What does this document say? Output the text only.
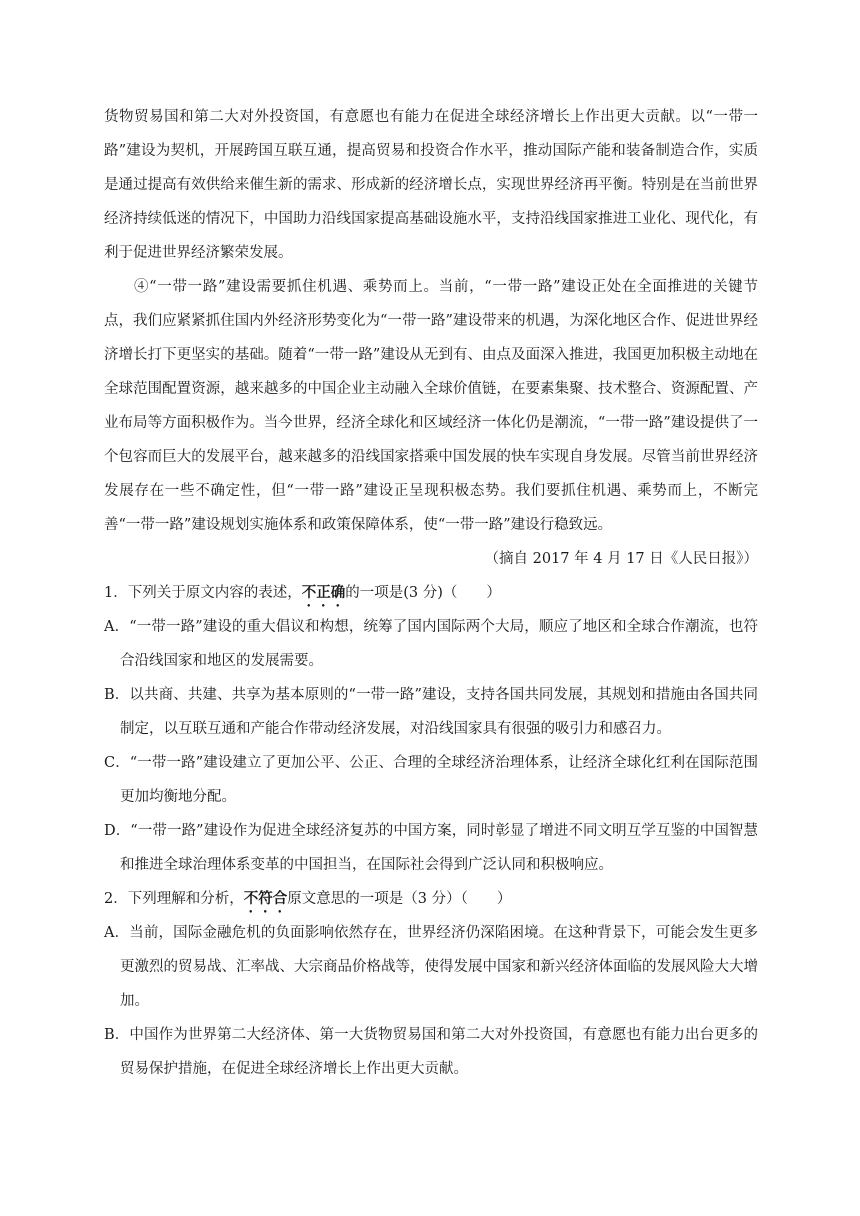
货物贸易国和第二大对外投资国，有意愿也有能力在促进全球经济增长上作出更大贡献。以“一带一路”建设为契机，开展跨国互联互通，提高贸易和投资合作水平，推动国际产能和装备制造合作，实质是通过提高有效供给来催生新的需求、形成新的经济增长点，实现世界经济再平衡。特别是在当前世界经济持续低迷的情况下，中国助力沿线国家提高基础设施水平，支持沿线国家推进工业化、现代化，有利于促进世界经济繁荣发展。

④“一带一路”建设需要抓住机遇、乘势而上。当前，“一带一路”建设正处在全面推进的关键节点，我们应紧紧抓住国内外经济形势变化为“一带一路”建设带来的机遇，为深化地区合作、促进世界经济增长打下更坚实的基础。随着“一带一路”建设从无到有、由点及面深入推进，我国更加积极主动地在全球范围配置资源，越来越多的中国企业主动融入全球价值链，在要素集聚、技术整合、资源配置、产业布局等方面积极作为。当今世界，经济全球化和区域经济一体化仍是潮流，“一带一路”建设提供了一个包容而巨大的发展平台，越来越多的沿线国家搭乘中国发展的快车实现自身发展。尽管当前世界经济发展存在一些不确定性，但“一带一路”建设正呈现积极态势。我们要抓住机遇、乘势而上，不断完善“一带一路”建设规划实施体系和政策保障体系，使“一带一路”建设行稳致远。

（摘自 2017 年 4 月 17 日《人民日报》）

1．下列关于原文内容的表述，不正确的一项是(3 分)（　　）

A．“一带一路”建设的重大倡议和构想，统筹了国内国际两个大局，顺应了地区和全球合作潮流，也符合沿线国家和地区的发展需要。

B．以共商、共建、共享为基本原则的“一带一路”建设，支持各国共同发展，其规划和措施由各国共同制定，以互联互通和产能合作带动经济发展，对沿线国家具有很强的吸引力和感召力。

C．“一带一路”建设建立了更加公平、公正、合理的全球经济治理体系，让经济全球化红利在国际范围更加均衡地分配。

D．“一带一路”建设作为促进全球经济复苏的中国方案，同时彰显了增进不同文明互学互鉴的中国智慧和推进全球治理体系变革的中国担当，在国际社会得到广泛认同和积极响应。

2．下列理解和分析，不符合原文意思的一项是（3 分）（　　）

A．当前，国际金融危机的负面影响依然存在，世界经济仍深陷困境。在这种背景下，可能会发生更多更激烈的贸易战、汇率战、大宗商品价格战等，使得发展中国家和新兴经济体面临的发展风险大大增加。

B．中国作为世界第二大经济体、第一大货物贸易国和第二大对外投资国，有意愿也有能力出台更多的贸易保护措施，在促进全球经济增长上作出更大贡献。
